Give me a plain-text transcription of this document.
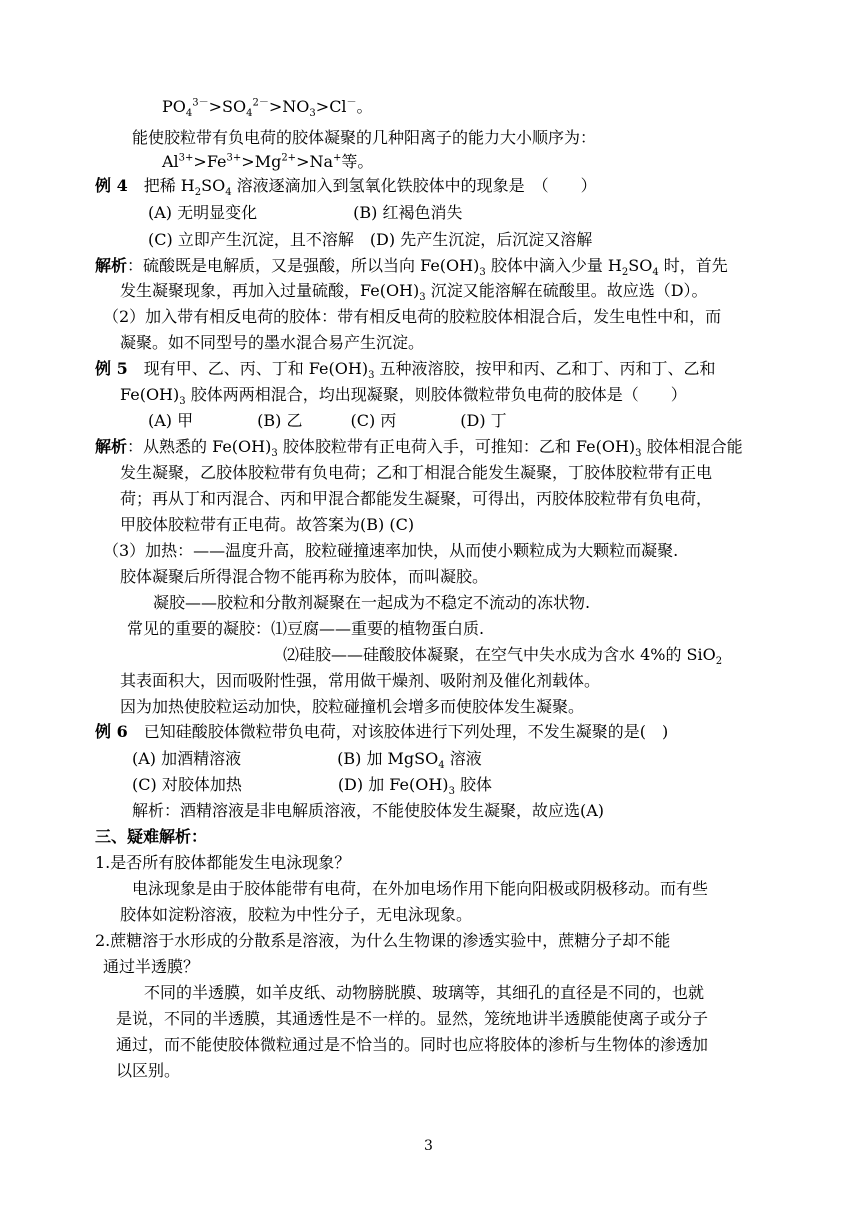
$PO_4^{3-}>SO_4^{2-}>NO_3>Cl^-$。
能使胶粒带有负电荷的胶体凝聚的几种阳离子的能力大小顺序为：
$Al^{3+}>Fe^{3+}>Mg^{2+}>Na^+$等。
例 4　把稀 $H_2SO_4$ 溶液逐滴加入到氢氧化铁胶体中的现象是　（　　）
(A) 无明显变化　　　　　　(B) 红褐色消失
(C) 立即产生沉淀，且不溶解　(D) 先产生沉淀，后沉淀又溶解
解析：硫酸既是电解质，又是强酸，所以当向 $Fe(OH)_3$ 胶体中滴入少量 $H_2SO_4$ 时，首先
发生凝聚现象，再加入过量硫酸，$Fe(OH)_3$ 沉淀又能溶解在硫酸里。故应选（D）。
（2）加入带有相反电荷的胶体：带有相反电荷的胶粒胶体相混合后，发生电性中和，而
凝聚。如不同型号的墨水混合易产生沉淀。
例 5　现有甲、乙、丙、丁和 $Fe(OH)_3$ 五种液溶胶，按甲和丙、乙和丁、丙和丁、乙和
$Fe(OH)_3$ 胶体两两相混合，均出现凝聚，则胶体微粒带负电荷的胶体是（　　）
(A) 甲　　　　(B) 乙　　　(C) 丙　　　　(D) 丁
解析：从熟悉的 $Fe(OH)_3$ 胶体胶粒带有正电荷入手，可推知：乙和 $Fe(OH)_3$ 胶体相混合能
发生凝聚，乙胶体胶粒带有负电荷；乙和丁相混合能发生凝聚，丁胶体胶粒带有正电
荷；再从丁和丙混合、丙和甲混合都能发生凝聚，可得出，丙胶体胶粒带有负电荷，
甲胶体胶粒带有正电荷。故答案为(B) (C)
（3）加热：——温度升高，胶粒碰撞速率加快，从而使小颗粒成为大颗粒而凝聚.
胶体凝聚后所得混合物不能再称为胶体，而叫凝胶。
凝胶——胶粒和分散剂凝聚在一起成为不稳定不流动的冻状物.
常见的重要的凝胶：⑴豆腐——重要的植物蛋白质.
⑵硅胶——硅酸胶体凝聚，在空气中失水成为含水 4%的 SiO$_2$
其表面积大，因而吸附性强，常用做干燥剂、吸附剂及催化剂载体。
因为加热使胶粒运动加快，胶粒碰撞机会增多而使胶体发生凝聚。
例 6　已知硅酸胶体微粒带负电荷，对该胶体进行下列处理，不发生凝聚的是(　)
(A) 加酒精溶液　　　　　　(B) 加 MgSO$_4$ 溶液
(C) 对胶体加热　　　　　　(D) 加 $Fe(OH)_3$ 胶体
解析：酒精溶液是非电解质溶液，不能使胶体发生凝聚，故应选(A)
三、疑难解析：
1.是否所有胶体都能发生电泳现象？
电泳现象是由于胶体能带有电荷，在外加电场作用下能向阳极或阴极移动。而有些
胶体如淀粉溶液，胶粒为中性分子，无电泳现象。
2.蔗糖溶于水形成的分散系是溶液，为什么生物课的渗透实验中，蔗糖分子却不能
通过半透膜？
不同的半透膜，如羊皮纸、动物膀胱膜、玻璃等，其细孔的直径是不同的，也就
是说，不同的半透膜，其通透性是不一样的。显然，笼统地讲半透膜能使离子或分子
通过，而不能使胶体微粒通过是不恰当的。同时也应将胶体的渗析与生物体的渗透加
以区别。
3
